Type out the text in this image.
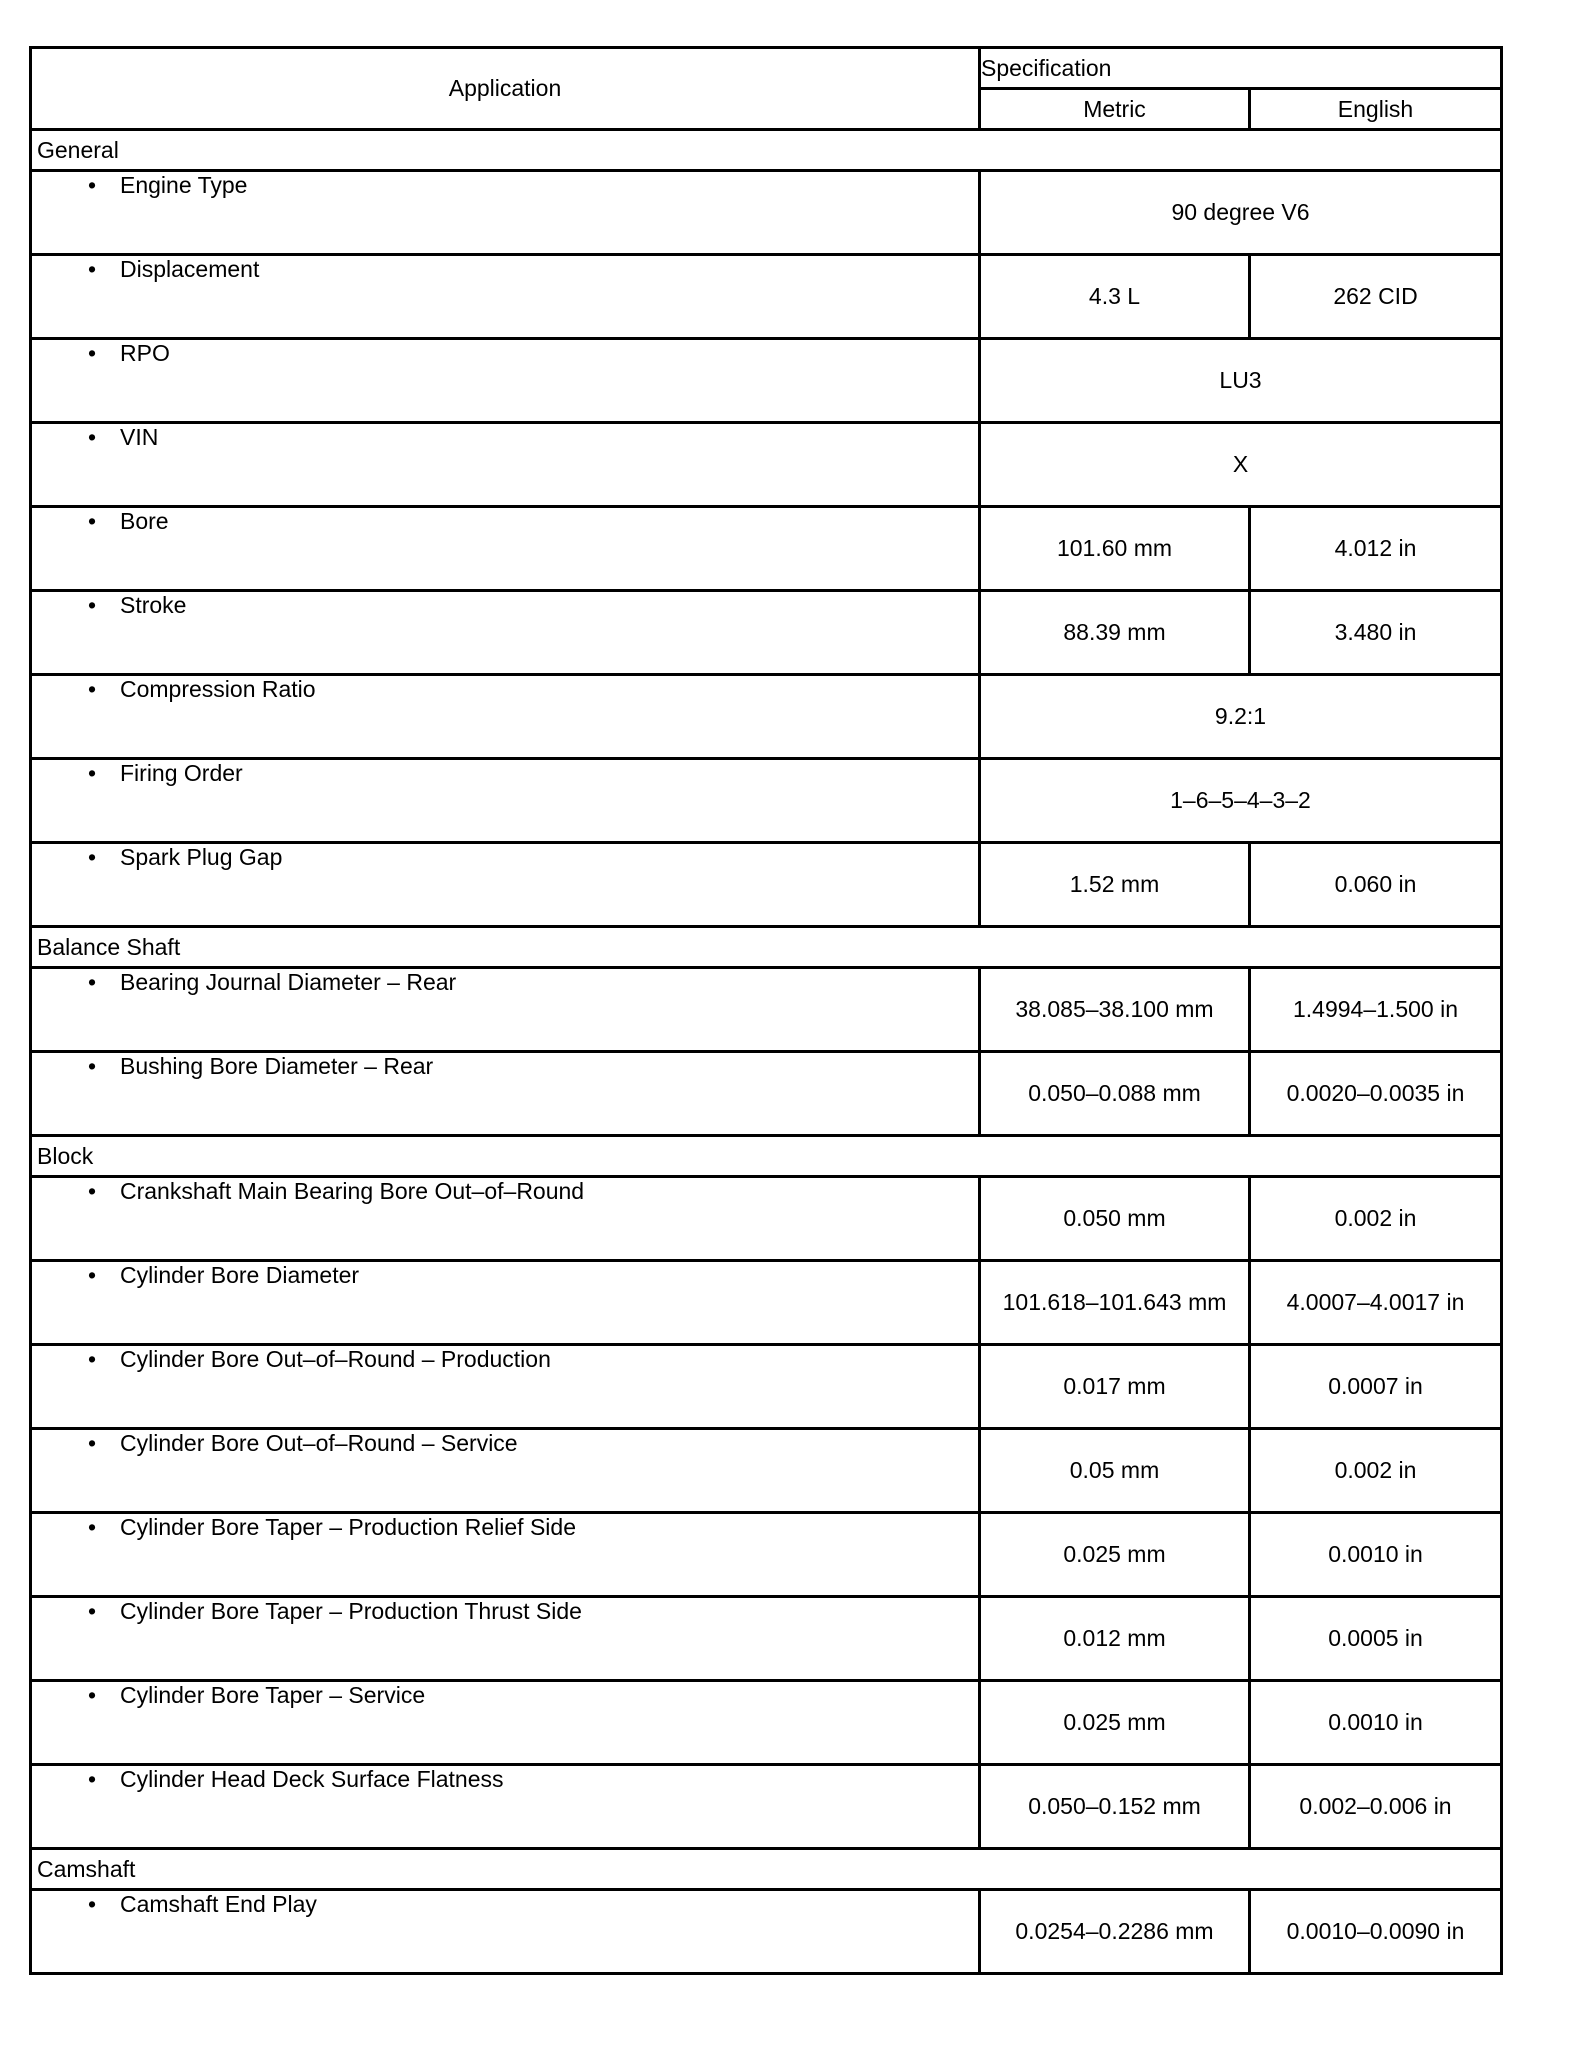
Application	Specification	
	Metric	English
General		
• Engine Type	90 degree V6	
• Displacement	4.3 L	262 CID
• RPO	LU3	
• VIN	X	
• Bore	101.60 mm	4.012 in
• Stroke	88.39 mm	3.480 in
• Compression Ratio	9.2:1	
• Firing Order	1–6–5–4–3–2	
• Spark Plug Gap	1.52 mm	0.060 in
Balance Shaft		
• Bearing Journal Diameter – Rear	38.085–38.100 mm	1.4994–1.500 in
• Bushing Bore Diameter – Rear	0.050–0.088 mm	0.0020–0.0035 in
Block		
• Crankshaft Main Bearing Bore Out–of–Round	0.050 mm	0.002 in
• Cylinder Bore Diameter	101.618–101.643 mm	4.0007–4.0017 in
• Cylinder Bore Out–of–Round – Production	0.017 mm	0.0007 in
• Cylinder Bore Out–of–Round – Service	0.05 mm	0.002 in
• Cylinder Bore Taper – Production Relief Side	0.025 mm	0.0010 in
• Cylinder Bore Taper – Production Thrust Side	0.012 mm	0.0005 in
• Cylinder Bore Taper – Service	0.025 mm	0.0010 in
• Cylinder Head Deck Surface Flatness	0.050–0.152 mm	0.002–0.006 in
Camshaft		
• Camshaft End Play	0.0254–0.2286 mm	0.0010–0.0090 in
